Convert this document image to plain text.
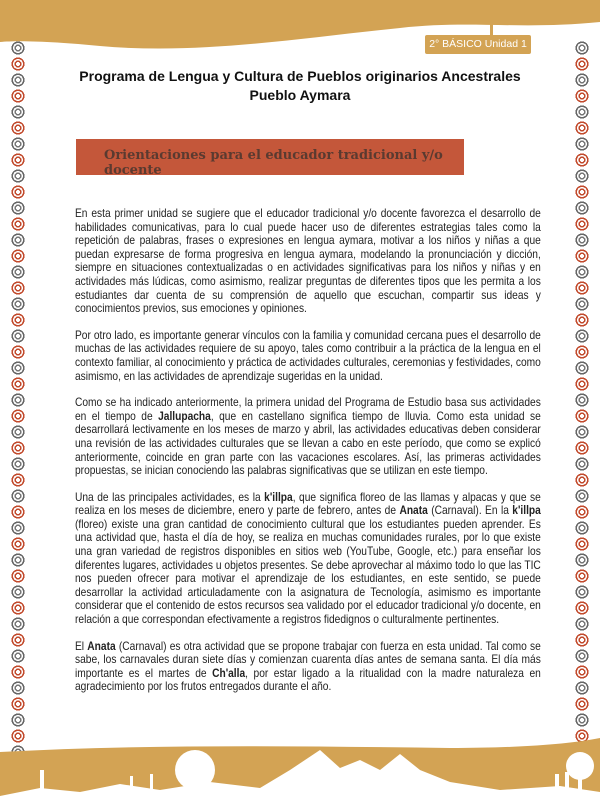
2° BÁSICO Unidad 1
Programa de Lengua y Cultura de Pueblos originarios Ancestrales
Pueblo Aymara
Orientaciones para el educador tradicional y/o docente

En esta primer unidad se sugiere que el educador tradicional y/o docente favorezca el desarrollo de habilidades comunicativas, para lo cual puede hacer uso de diferentes estrategias tales como la repetición de palabras, frases o expresiones en lengua aymara, motivar a los niños y niñas a que puedan expresarse de forma progresiva en lengua aymara, modelando la pronunciación y dicción, siempre en situaciones contextualizadas o en actividades significativas para los niños y niñas y en actividades más lúdicas, como asimismo, realizar preguntas de diferentes tipos que les permita a los estudiantes dar cuenta de su comprensión de aquello que escuchan, compartir sus ideas y conocimientos previos, sus emociones y opiniones.

Por otro lado, es importante generar vínculos con la familia y comunidad cercana pues el desarrollo de muchas de las actividades requiere de su apoyo, tales como contribuir a la práctica de la lengua en el contexto familiar, al conocimiento y práctica de actividades culturales, ceremonias y festividades, como asimismo, en las actividades de aprendizaje sugeridas en la unidad.

Como se ha indicado anteriormente, la primera unidad del Programa de Estudio basa sus actividades en el tiempo de Jallupacha, que en castellano significa tiempo de lluvia. Como esta unidad se desarrollará lectivamente en los meses de marzo y abril, las actividades educativas deben considerar una revisión de las actividades culturales que se llevan a cabo en este período, que como se explicó anteriormente, coincide en gran parte con las vacaciones escolares. Así, las primeras actividades propuestas, se inician conociendo las palabras significativas que se utilizan en este tiempo.

Una de las principales actividades, es la k'illpa, que significa floreo de las llamas y alpacas y que se realiza en los meses de diciembre, enero y parte de febrero, antes de Anata (Carnaval). En la k'illpa (floreo) existe una gran cantidad de conocimiento cultural que los estudiantes pueden aprender. Es una actividad que, hasta el día de hoy, se realiza en muchas comunidades rurales, por lo que existe una gran variedad de registros disponibles en sitios web (YouTube, Google, etc.) para enseñar los diferentes lugares, actividades u objetos presentes. Se debe aprovechar al máximo todo lo que las TIC nos pueden ofrecer para motivar el aprendizaje de los estudiantes, en este sentido, se puede desarrollar la actividad articuladamente con la asignatura de Tecnología, asimismo es importante considerar que el contenido de estos recursos sea validado por el educador tradicional y/o docente, en relación a que correspondan efectivamente a registros fidedignos o culturalmente pertinentes.

El Anata (Carnaval) es otra actividad que se propone trabajar con fuerza en esta unidad. Tal como se sabe, los carnavales duran siete días y comienzan cuarenta días antes de semana santa. El día más importante es el martes de Ch'alla, por estar ligado a la ritualidad con la madre naturaleza en agradecimiento por los frutos entregados durante el año.
